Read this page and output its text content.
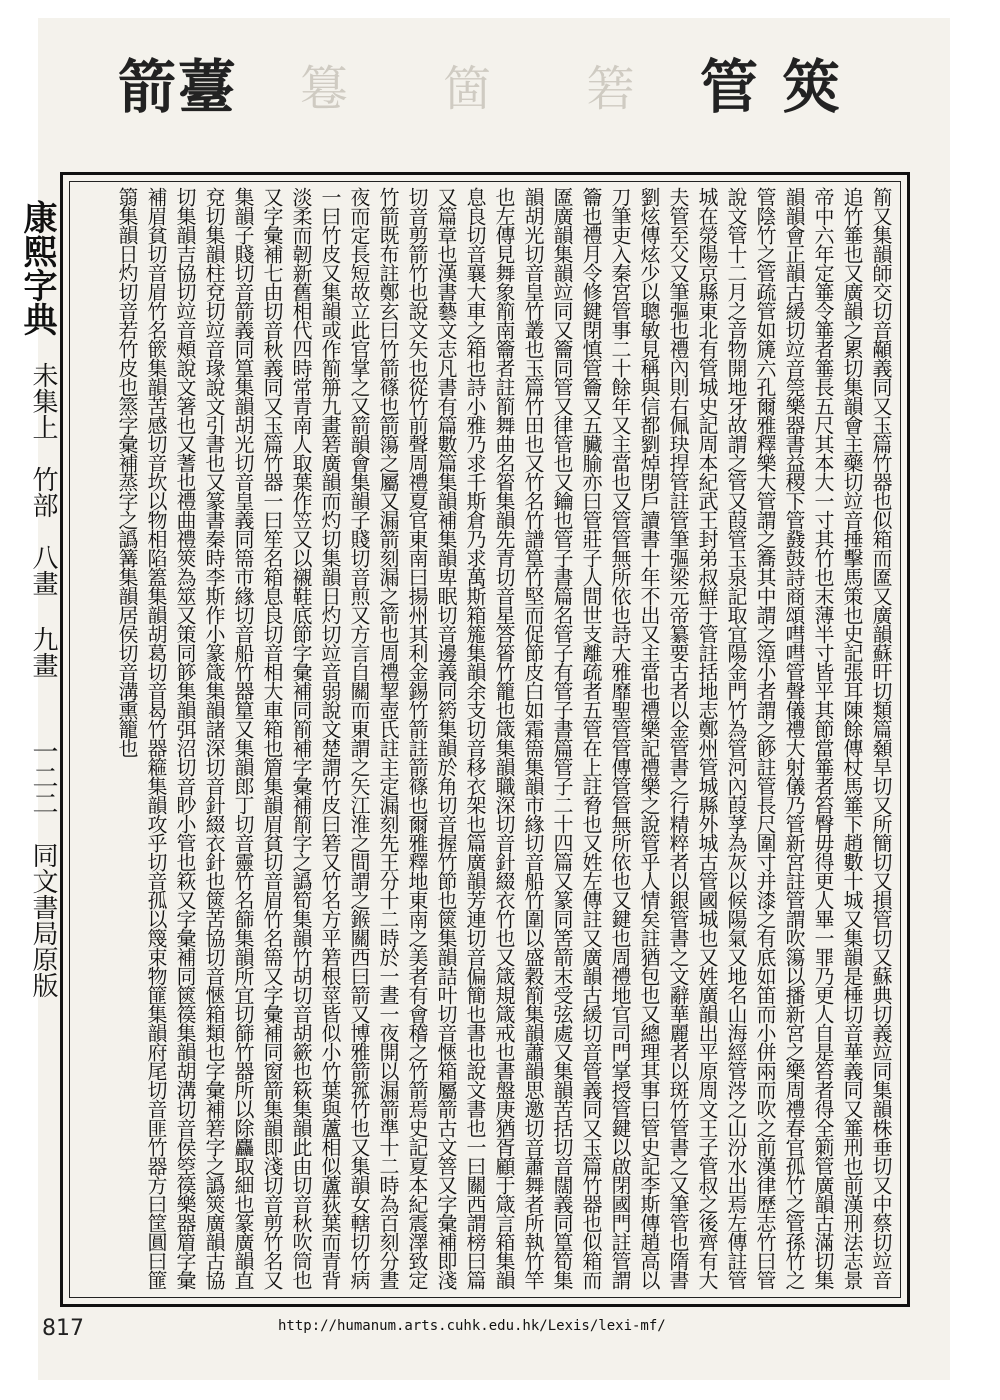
篹 箇 箬
箭薹	管 筴
康熙字典
未集上
竹部
八畫 九畫
一二二
同文書局原版	箾又集韻師交切音顢義同又玉篇竹器也似箱而匲又廣韻蘇旰切類篇顙旱切又所簡切又損管切又蘇典切義竝同集韻株垂切又中蔡切竝音追竹箠也又廣韻之累切集韻會主藥切竝音捶擊馬策也史記張耳陳餘傳杖馬箠下趙數十城又集韻是棰切音華義同又箠刑也前漢刑法志景帝中六年定箠令箠者箠長五尺其本大一寸其竹也末薄半寸皆平其節當箠者笞臀毋得更人畢一罪乃更人自是笞者得全箣管廣韻古滿切集韻韻會正韻古緩切竝音筦樂器書益稷下管鼗鼓詩商頌嘒嘒管聲儀禮大射儀乃管新宮註管謂吹簜以播新宮之樂周禮春官孤竹之管孫竹之管陰竹之管疏管如篪六孔爾雅釋樂大管謂之簥其中謂之篞小者謂之篎註管長尺圍寸并漆之有底如笛而小併兩而吹之前漢律歷志竹曰管說文管十二月之音物開地牙故謂之管又葭管玉泉記取宜陽金門竹為管河內葭莩為灰以候陽氣又地名山海經管涔之山汾水出焉左傳註管城在滎陽京縣東北有管城史記周本紀武王封弟叔鮮于管註括地志鄭州管城縣外城古管國城也又姓廣韻出平原周文王子管叔之後齊有大夫管至父又筆彄也禮內則右佩玦捍管註管筆彄梁元帝纂要古者以金管書之行精粹者以銀管書之文辭華麗者以斑竹管書之又筆管也隋書劉炫傳炫少以聰敏見稱與信都劉焯閉戶讀書十年不出又主當也禮樂記禮樂之說管乎人情矣註猶包也又總理其事曰管史記李斯傳趙高以刀筆吏入秦宮管事二十餘年又主當也又管管無所依也詩大雅靡聖管管傳管管無所依也又鍵也周禮地官司門掌授管鍵以啟閉國門註管謂籥也禮月令修鍵閉慎管籥又五臟腧亦曰管莊子人間世支離疏者五管在上註脅也又姓左傳註又廣韻古緩切音管義同又玉篇竹器也似箱而匲廣韻集韻竝同又籥同管又律管也又鑰也管子書篇名管子有管子書篇管子二十四篇又篆同筈箭末受弦處又集韻苦括切音闊義同篁筍集韻胡光切音皇竹叢也玉篇竹田也又竹名竹譜篁竹堅而促節皮白如霜篅集韻市緣切音船竹圍以盛穀箾集韻蕭韻思邀切音蕭舞者所執竹竿也左傳見舞象箾南籥者註箾舞曲名箵集韻先青切音星答箵竹籠也箴集韻職深切音針綴衣竹也又箴規箴戒也書盤庚猶胥顧于箴言箱集韻息良切音襄大車之箱也詩小雅乃求千斯倉乃求萬斯箱箷集韻余支切音移衣架也篇廣韻芳連切音偏簡也書也說文書也一曰關西謂榜曰篇又篇章也漢書藝文志凡書有篇數篇集韻補集韻卑眠切音邊義同箹集韻於角切音握竹節也篋集韻詰叶切音愜箱屬箭古文箁又字彙補即淺切音剪箭竹也說文矢也從竹前聲周禮夏官東南曰揚州其利金錫竹箭註箭篠也爾雅釋地東南之美者有會稽之竹箭焉史記夏本紀震澤致定竹箭既布註鄭玄曰竹箭篠也箭簜之屬又漏箭刻漏之箭也周禮挈壺氏註主定漏刻先王分十二時於一晝一夜開以漏箭準十二時為百刻分晝夜而定長短故立此官掌之又箭韻會集韻子賤切音煎又方言自關而東謂之矢江淮之間謂之鍭關西曰箭又博雅箭箛竹也又集韻女轄切竹病一曰竹皮又集韻或作箾笧九畫箬廣韻而灼切集韻日灼切竝音弱說文楚謂竹皮曰箬又竹名方平箬根莖皆似小竹葉與蘆相似蘆荻葉而青背淡柔而韌新舊相代四時常青南人取葉作笠又以襯鞋底節字彙補同箾補字彙補箾字之譌筍集韻竹胡切音胡籨也篍集韻此由切音秋吹筒也又字彙補七由切音秋義同又玉篇竹器一曰笙名箱息良切音相大車箱也篃集韻眉貧切音眉竹名篅又字彙補同窗箭集韻即淺切音剪竹名又集韻子賤切音箭義同篁集韻胡光切音皇義同篅市緣切音船竹器篂又集韻郎丁切音靈竹名篩集韻所宜切篩竹器所以除麤取細也篆廣韻直兗切集韻柱兗切竝音瑑說文引書也又篆書秦時李斯作小篆箴集韻諸深切音針綴衣針也篋苦協切音愜箱類也字彙補箬字之譌筴廣韻古協切集韻吉協切竝音頰說文箸也又蓍也禮曲禮筴為筮又策同篎集韻弭沼切音眇小管也篍又字彙補同篋篌集韻胡溝切音侯箜篌樂器篃字彙補眉貧切音眉竹名篏集韻苦感切音坎以物相陷篕集韻胡葛切音曷竹器篐集韻攻乎切音孤以篾束物篚集韻府尾切音匪竹器方曰筐圓曰篚篛集韻日灼切音若竹皮也篜字彙補蒸字之譌篝集韻居侯切音溝熏籠也
817	http://humanum.arts.cuhk.edu.hk/Lexis/lexi-mf/
